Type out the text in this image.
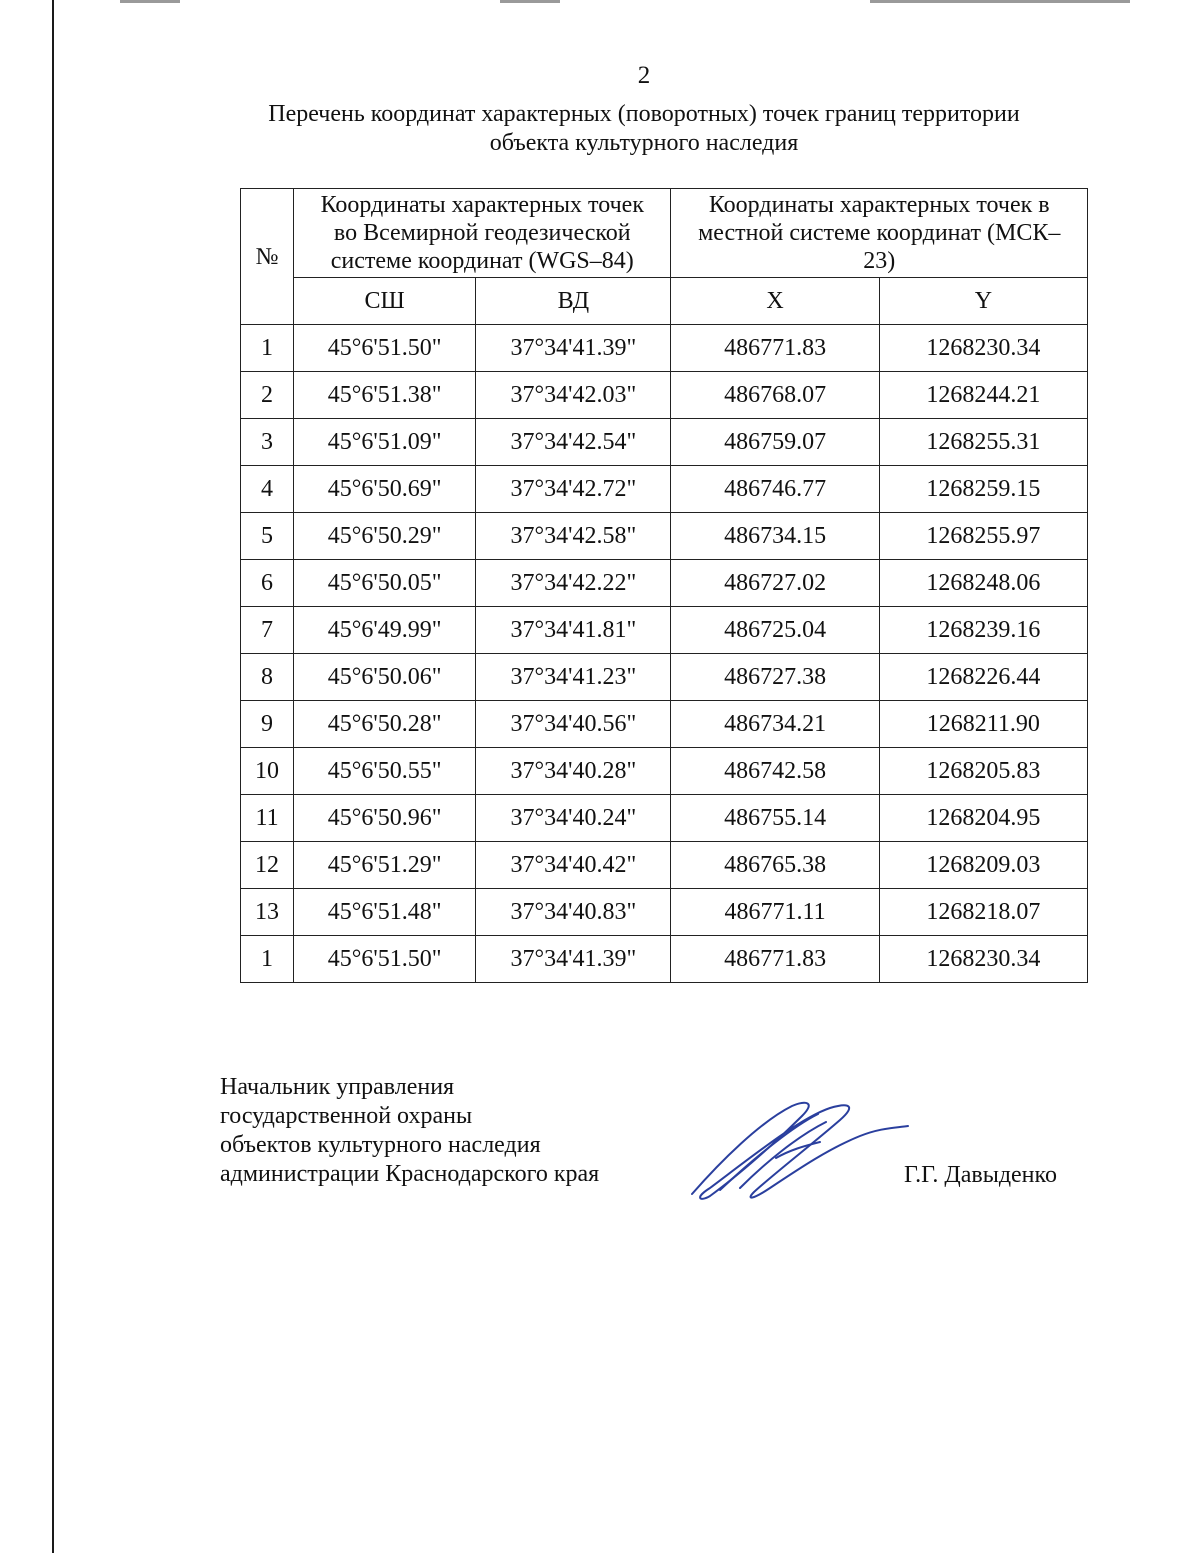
2
Перечень координат характерных (поворотных) точек границ территории
объекта культурного наследия
№	Координаты характерных точек
во Всемирной геодезической
системе координат (WGS–84)		Координаты характерных точек в
местной системе координат (МСК–
23)	

	СШ	ВД	X	Y
1	45°6'51.50"	37°34'41.39"	486771.83	1268230.34
2	45°6'51.38"	37°34'42.03"	486768.07	1268244.21
3	45°6'51.09"	37°34'42.54"	486759.07	1268255.31
4	45°6'50.69"	37°34'42.72"	486746.77	1268259.15
5	45°6'50.29"	37°34'42.58"	486734.15	1268255.97
6	45°6'50.05"	37°34'42.22"	486727.02	1268248.06
7	45°6'49.99"	37°34'41.81"	486725.04	1268239.16
8	45°6'50.06"	37°34'41.23"	486727.38	1268226.44
9	45°6'50.28"	37°34'40.56"	486734.21	1268211.90
10	45°6'50.55"	37°34'40.28"	486742.58	1268205.83
11	45°6'50.96"	37°34'40.24"	486755.14	1268204.95
12	45°6'51.29"	37°34'40.42"	486765.38	1268209.03
13	45°6'51.48"	37°34'40.83"	486771.11	1268218.07
1	45°6'51.50"	37°34'41.39"	486771.83	1268230.34
Начальник управления
государственной охраны
объектов культурного наследия
администрации Краснодарского края	Г.Г. Давыденко
